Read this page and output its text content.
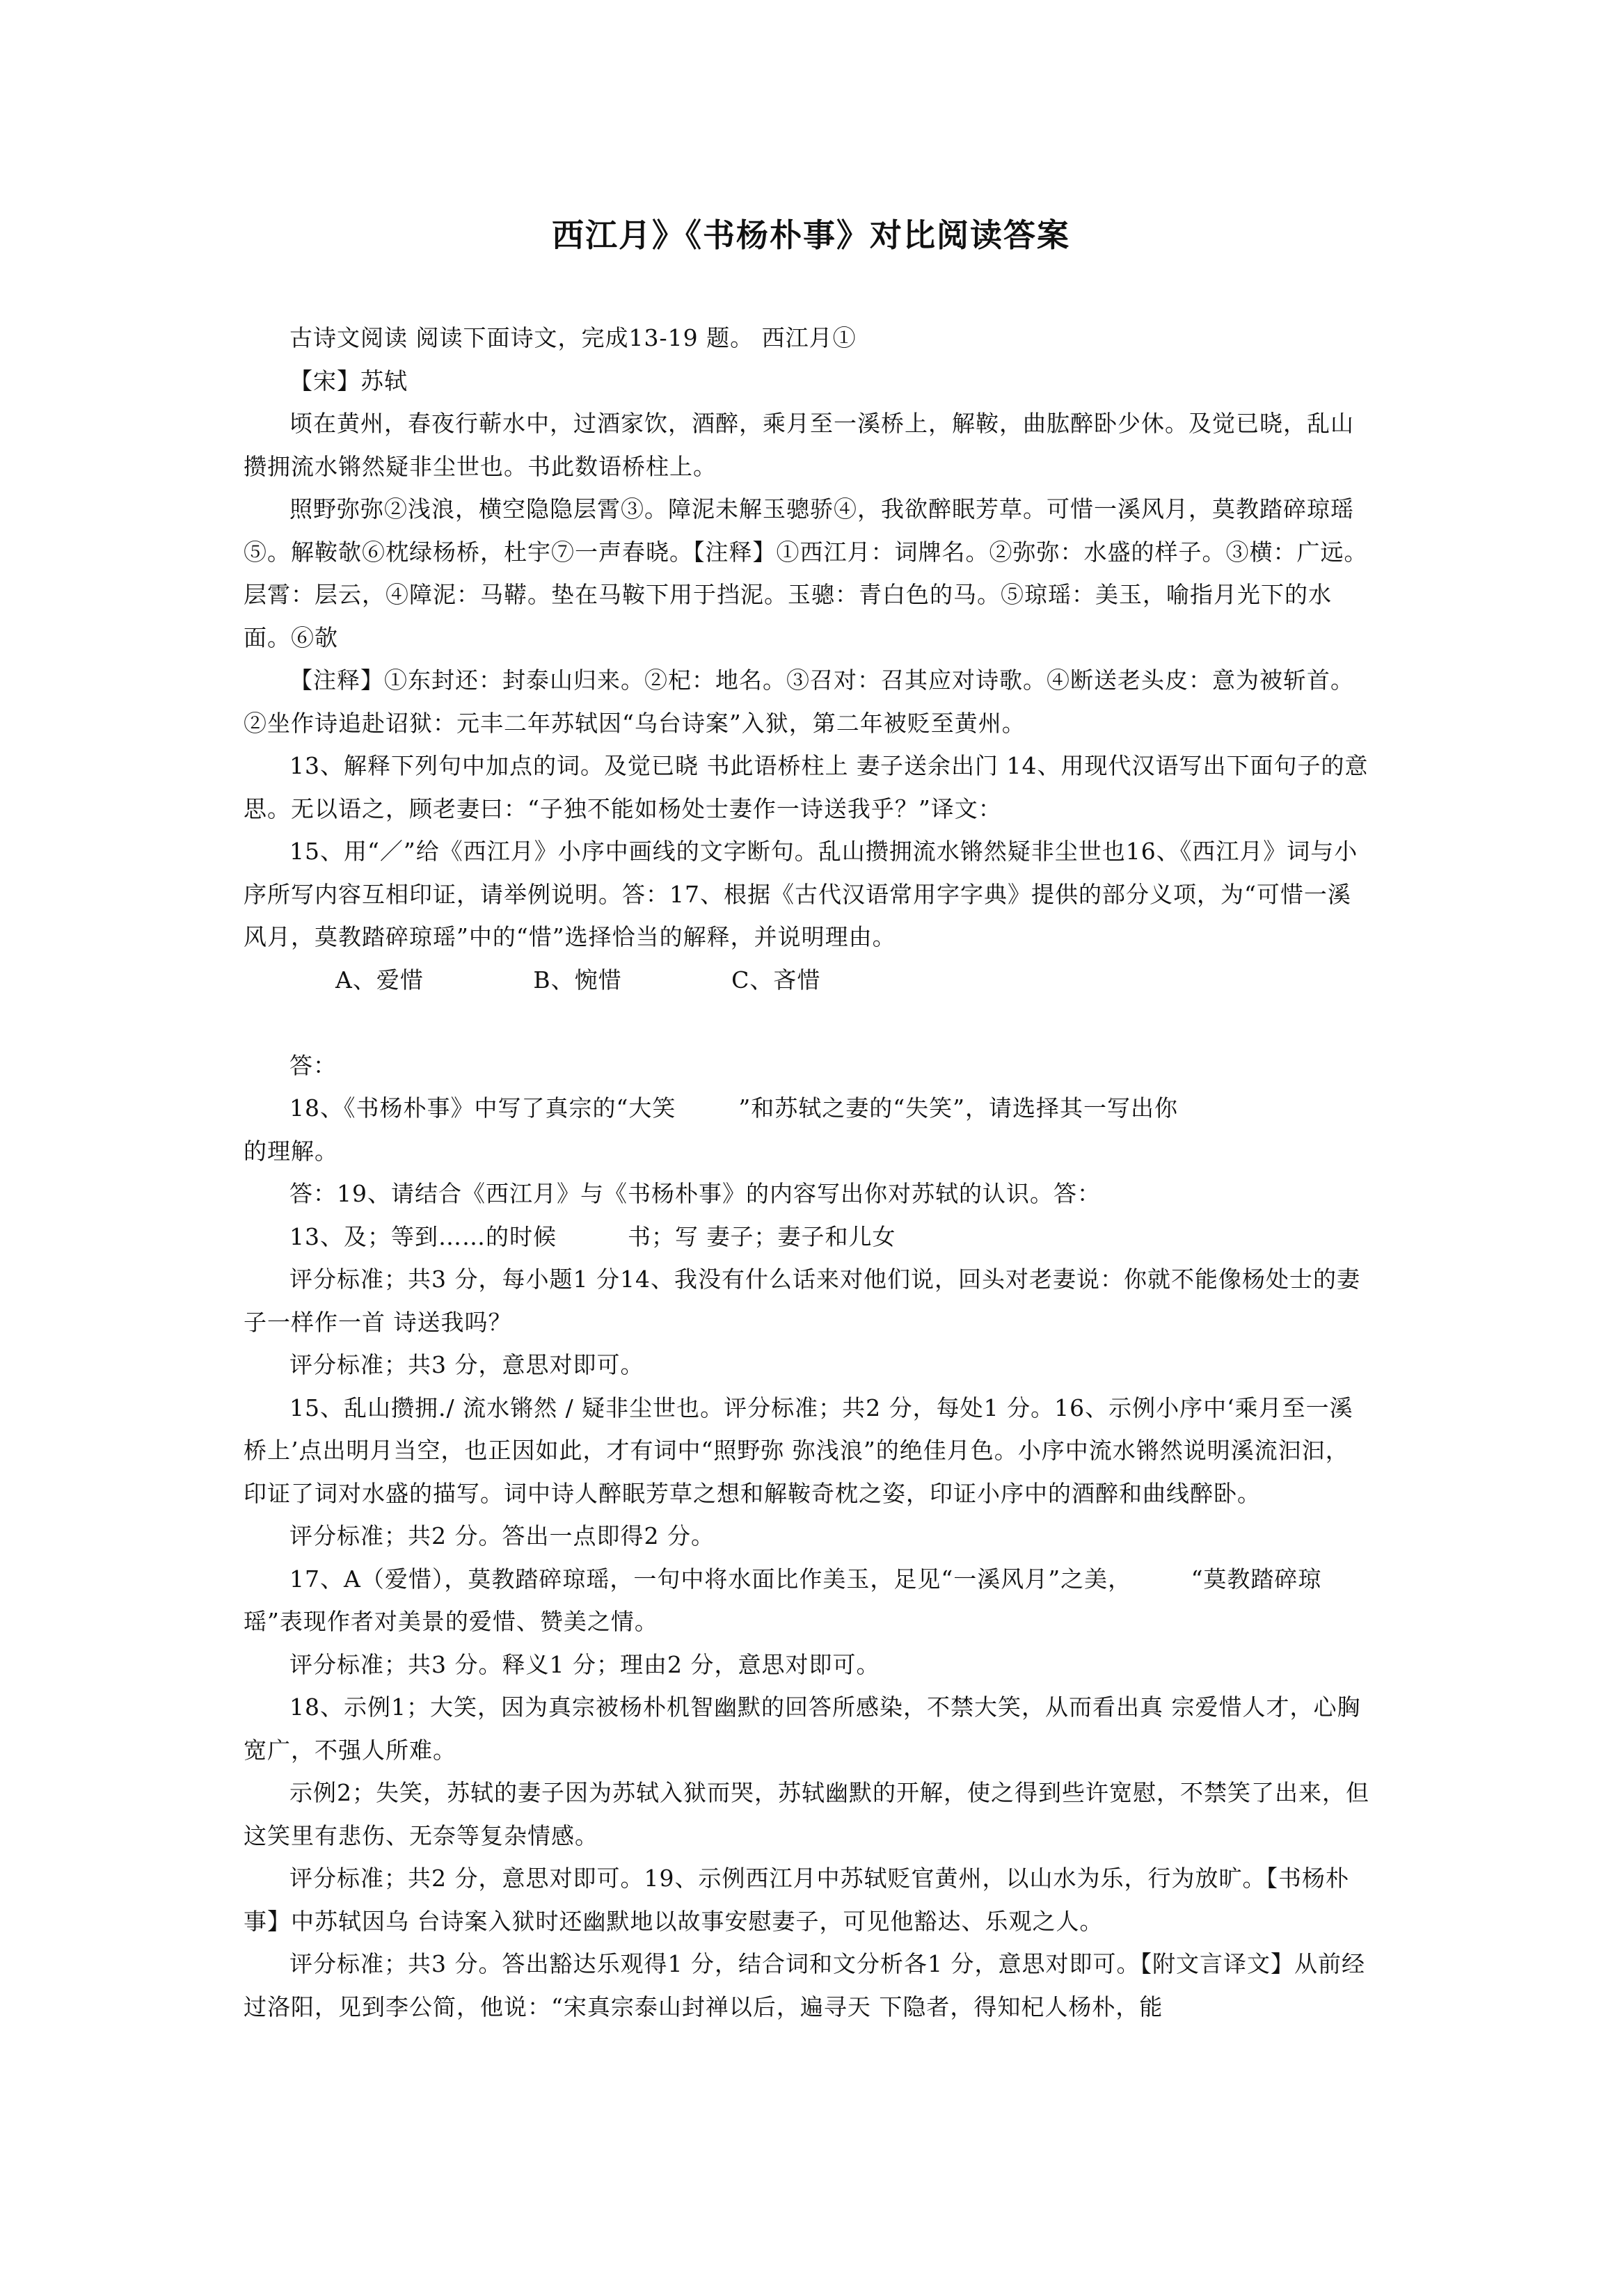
西江月》《书杨朴事》对比阅读答案

古诗文阅读 阅读下面诗文，完成13-19 题。 西江月①

【宋】苏轼

顷在黄州，春夜行蕲水中，过酒家饮，酒醉，乘月至一溪桥上，解鞍，曲肱醉卧少休。及觉已晓，乱山攒拥流水锵然疑非尘世也。书此数语桥柱上。

照野弥弥②浅浪，横空隐隐层霄③。障泥未解玉骢骄④，我欲醉眠芳草。可惜一溪风月，莫教踏碎琼瑶⑤。解鞍欹⑥枕绿杨桥，杜宇⑦一声春晓。【注释】①西江月：词牌名。②弥弥：水盛的样子。③横：广远。层霄：层云，④障泥：马鞯。垫在马鞍下用于挡泥。玉骢：青白色的马。⑤琼瑶：美玉，喻指月光下的水面。⑥欹

【注释】①东封还：封泰山归来。②杞：地名。③召对：召其应对诗歌。④断送老头皮：意为被斩首。②坐作诗追赴诏狱：元丰二年苏轼因“乌台诗案”入狱，第二年被贬至黄州。

13、解释下列句中加点的词。及觉已晓 书此语桥柱上 妻子送余出门 14、用现代汉语写出下面句子的意思。无以语之，顾老妻曰：“子独不能如杨处士妻作一诗送我乎？”译文：

15、用“／”给《西江月》小序中画线的文字断句。乱山攒拥流水锵然疑非尘世也16、《西江月》词与小序所写内容互相印证，请举例说明。答：17、根据《古代汉语常用字字典》提供的部分义项，为“可惜一溪风月，莫教踏碎琼瑶”中的“惜”选择恰当的解释，并说明理由。

A、爱惜	B、惋惜	C、吝惜

答：

18、《书杨朴事》中写了真宗的“大笑	”和苏轼之妻的“失笑”，请选择其一写出你

的理解。

答：19、请结合《西江月》与《书杨朴事》的内容写出你对苏轼的认识。答：

13、及；等到……的时候　　　书；写 妻子；妻子和儿女

评分标准；共3 分，每小题1 分14、我没有什么话来对他们说，回头对老妻说：你就不能像杨处士的妻子一样作一首 诗送我吗？

评分标准；共3 分，意思对即可。

15、乱山攒拥./ 流水锵然 / 疑非尘世也。评分标准；共2 分，每处1 分。16、示例小序中‘乘月至一溪桥上’点出明月当空，也正因如此，才有词中“照野弥 弥浅浪”的绝佳月色。小序中流水锵然说明溪流汩汩，印证了词对水盛的描写。词中诗人醉眠芳草之想和解鞍奇枕之姿，印证小序中的酒醉和曲线醉卧。

评分标准；共2 分。答出一点即得2 分。

17、A（爱惜），莫教踏碎琼瑶，一句中将水面比作美玉，足见“一溪风月”之美，　　　“莫教踏碎琼瑶”表现作者对美景的爱惜、赞美之情。

评分标准；共3 分。释义1 分；理由2 分，意思对即可。

18、示例1；大笑，因为真宗被杨朴机智幽默的回答所感染，不禁大笑，从而看出真 宗爱惜人才，心胸宽广，不强人所难。

示例2；失笑，苏轼的妻子因为苏轼入狱而哭，苏轼幽默的开解，使之得到些许宽慰，不禁笑了出来，但这笑里有悲伤、无奈等复杂情感。

评分标准；共2 分，意思对即可。19、示例西江月中苏轼贬官黄州，以山水为乐，行为放旷。【书杨朴事】中苏轼因乌 台诗案入狱时还幽默地以故事安慰妻子，可见他豁达、乐观之人。

评分标准；共3 分。答出豁达乐观得1 分，结合词和文分析各1 分，意思对即可。【附文言译文】从前经过洛阳，见到李公简，他说：“宋真宗泰山封禅以后，遍寻天 下隐者，得知杞人杨朴，能
